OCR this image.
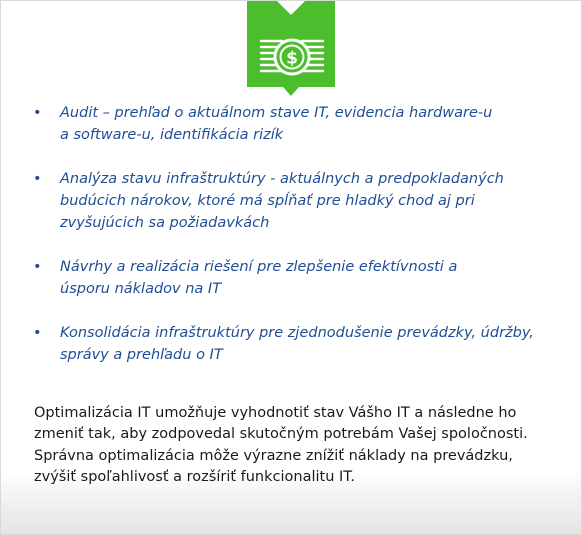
$
• Audit – prehľad o aktuálnom stave IT, evidencia hardware-u
a software-u, identifikácia rizík
• Analýza stavu infraštruktúry - aktuálnych a predpokladaných
budúcich nárokov, ktoré má spĺňať pre hladký chod aj pri
zvyšujúcich sa požiadavkách
• Návrhy a realizácia riešení pre zlepšenie efektívnosti a
úsporu nákladov na IT
• Konsolidácia infraštruktúry pre zjednodušenie prevádzky, údržby,
správy a prehľadu o IT

Optimalizácia IT umožňuje vyhodnotiť stav Vášho IT a následne ho
zmeniť tak, aby zodpovedal skutočným potrebám Vašej spoločnosti.
Správna optimalizácia môže výrazne znížiť náklady na prevádzku,
zvýšiť spoľahlivosť a rozšíriť funkcionalitu IT.
